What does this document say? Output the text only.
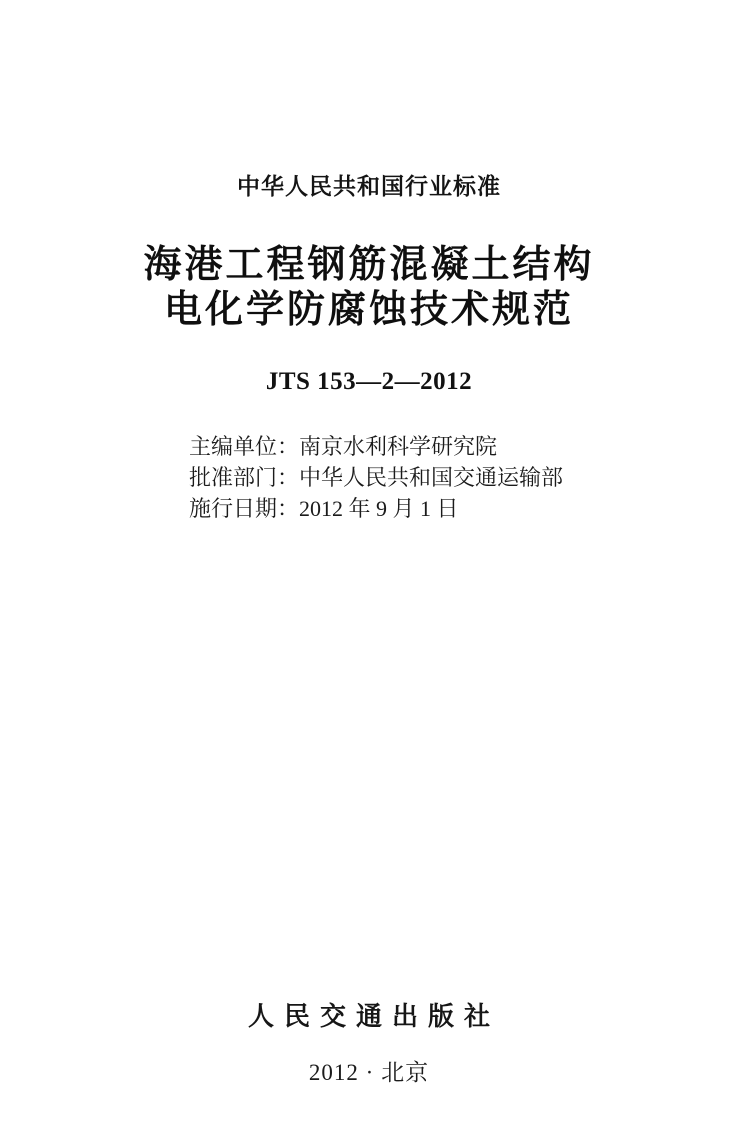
中华人民共和国行业标准
海港工程钢筋混凝土结构
电化学防腐蚀技术规范
JTS 153—2—2012
主编单位：南京水利科学研究院
批准部门：中华人民共和国交通运输部
施行日期：2012 年 9 月 1 日
人民交通出版社
2012 · 北京
